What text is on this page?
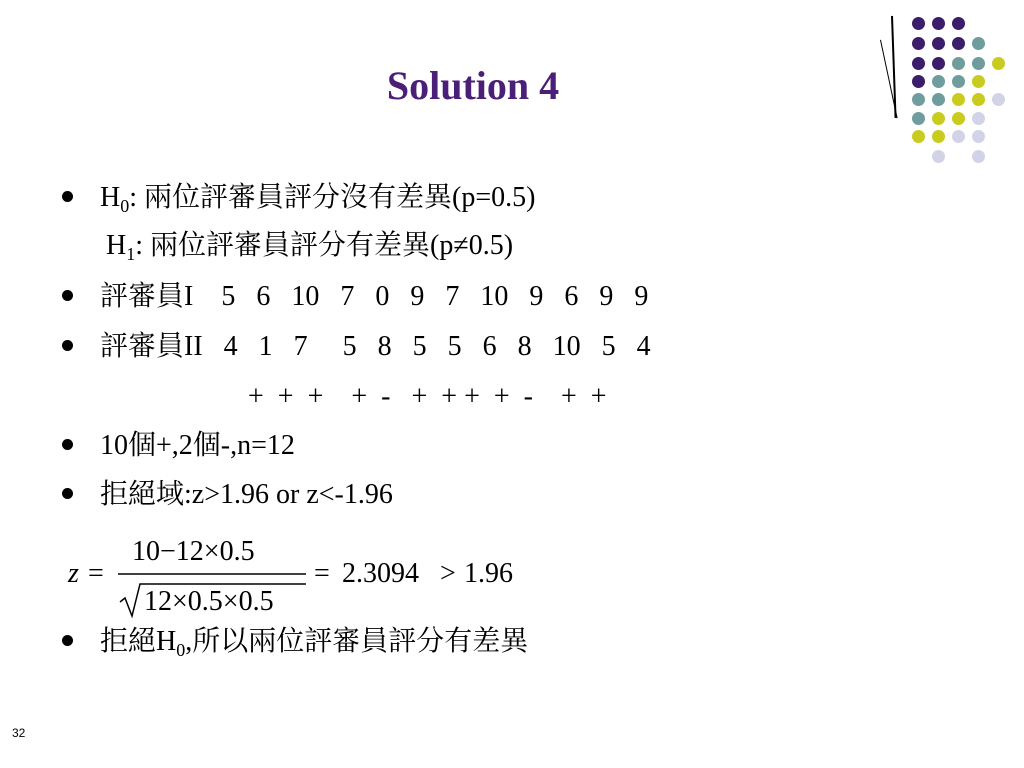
Solution 4

$H_0$: 兩位評審員評分沒有差異(p=0.5)

$H_1$: 兩位評審員評分有差異(p≠0.5)

評審員I    5   6   10   7   0   9   7   10   9   6   9   9

評審員II   4   1   7     5   8   5   5   6   8   10   5   4

+  +  +    +  -   +  + +  +  -    +  +

10個+,2個-,n=12

拒絕域:z>1.96 or z<-1.96

z =
10−12×0.5
12×0.5×0.5
= 2.3094 > 1.96

拒絕$H_0$,所以兩位評審員評分有差異

32
